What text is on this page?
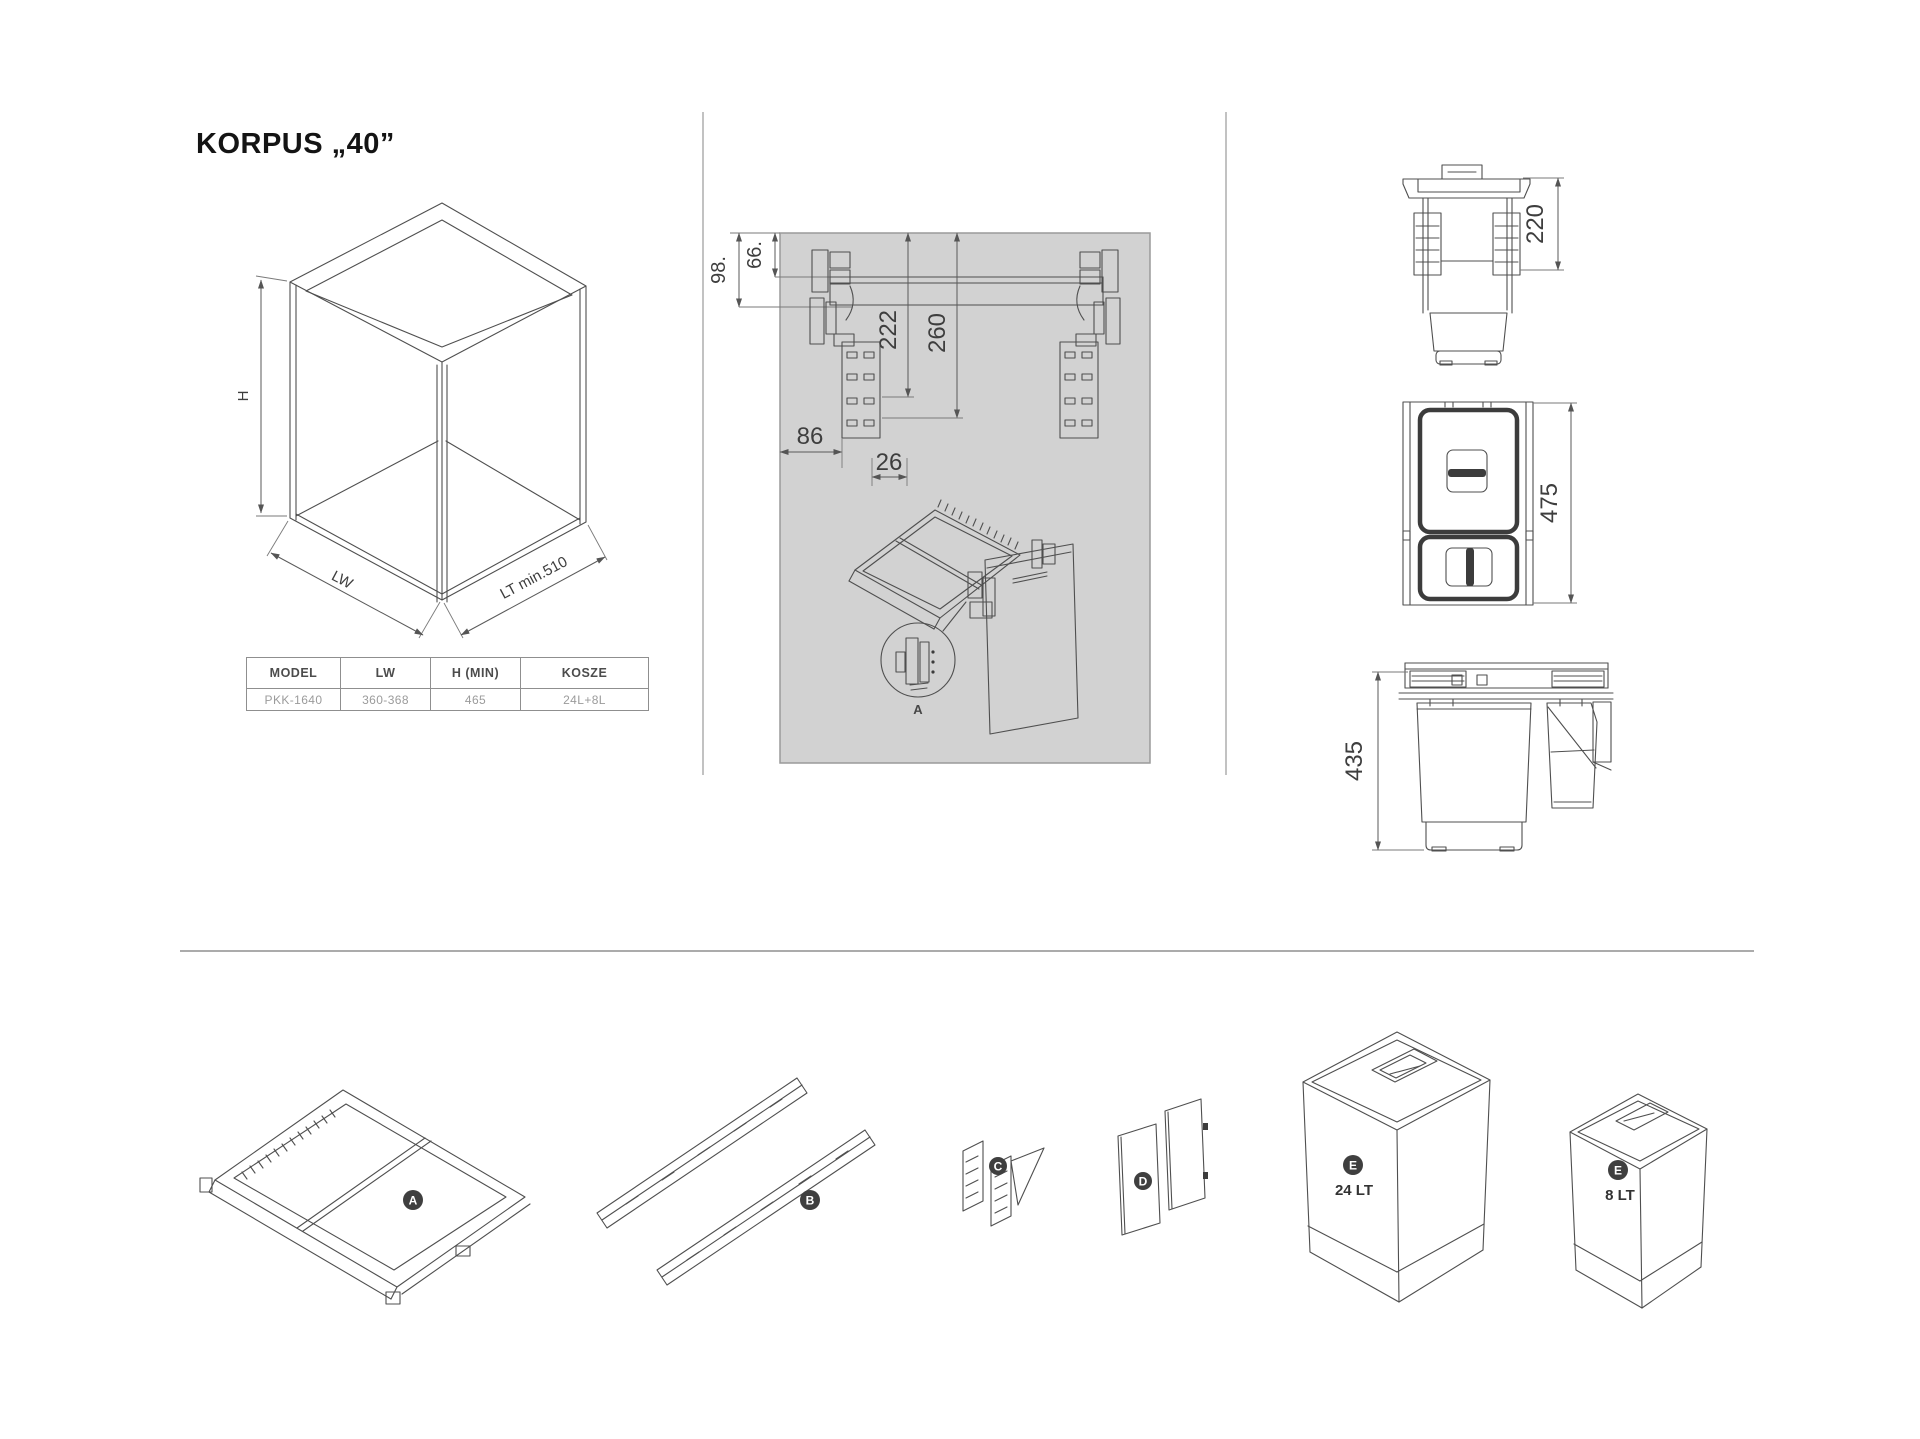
KORPUS „40”
H
LW	LT min.510
MODEL	LW	H (MIN)	KOSZE
PKK-1640	360-368	465	24L+8L
98.
66.
222 260
86
26
A
220
475
435
A	B
C
D
E
24 LT
E
8 LT
